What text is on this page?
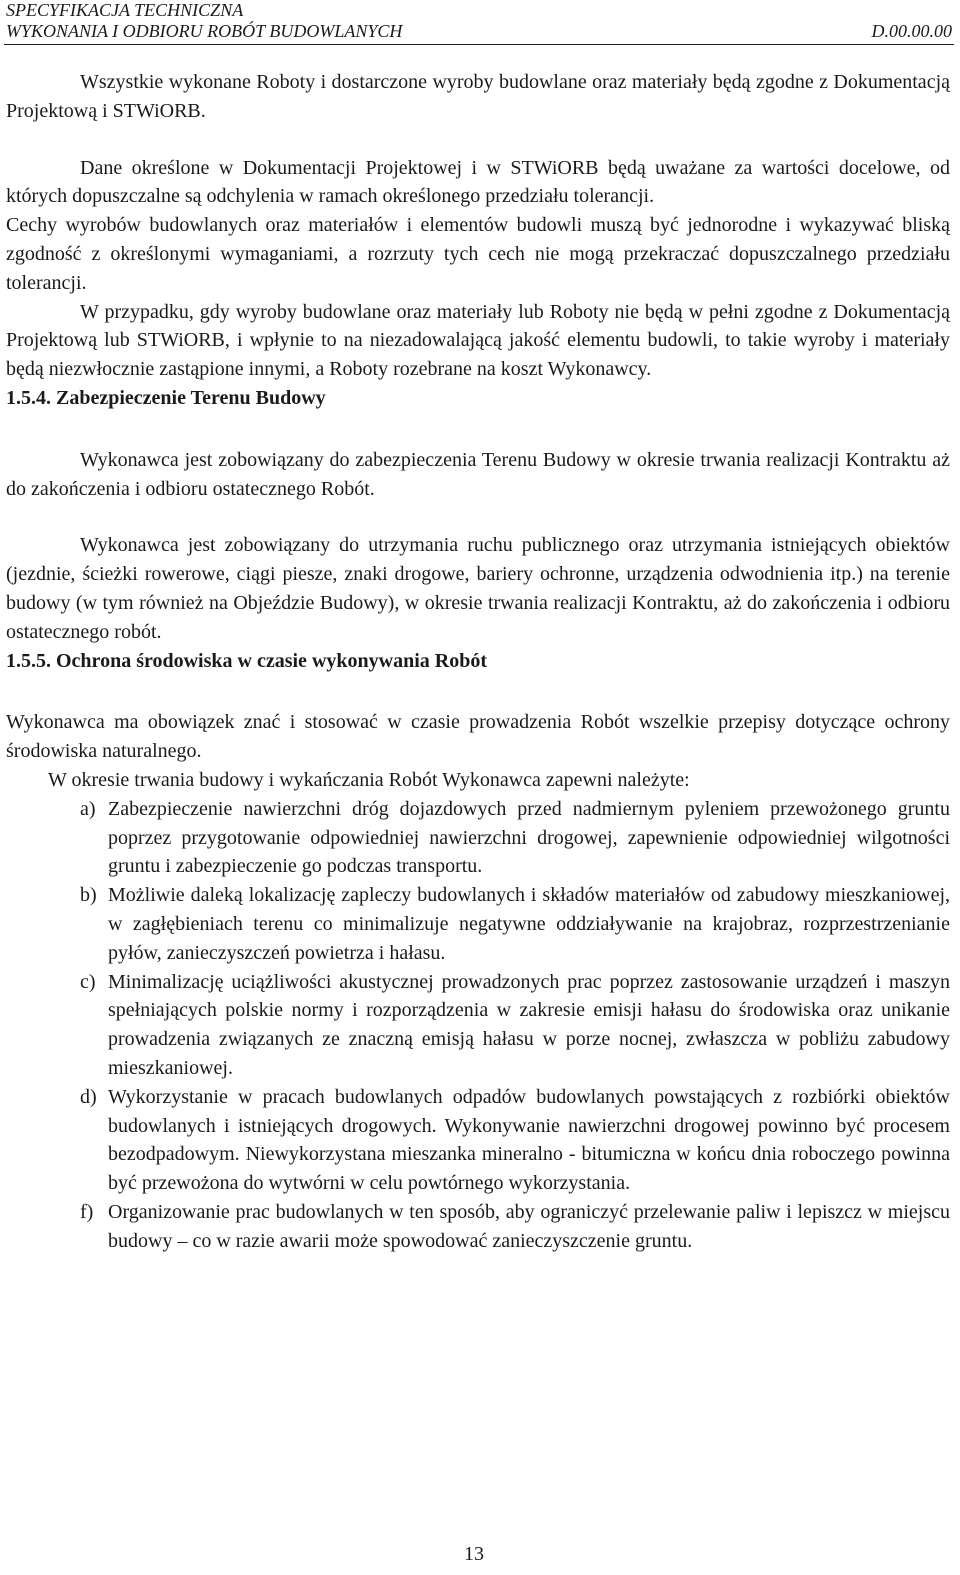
SPECYFIKACJA TECHNICZNA
WYKONANIA I ODBIORU ROBÓT BUDOWLANYCH	D.00.00.00

Wszystkie wykonane Roboty i dostarczone wyroby budowlane oraz materiały będą zgodne z Dokumentacją Projektową i STWiORB.

Dane określone w Dokumentacji Projektowej i w STWiORB będą uważane za wartości docelowe, od których dopuszczalne są odchylenia w ramach określonego przedziału tolerancji.

Cechy wyrobów budowlanych oraz materiałów i elementów budowli muszą być jednorodne i wykazywać bliską zgodność z określonymi wymaganiami, a rozrzuty tych cech nie mogą przekraczać dopuszczalnego przedziału tolerancji.

W przypadku, gdy wyroby budowlane oraz materiały lub Roboty nie będą w pełni zgodne z Dokumentacją Projektową lub STWiORB, i wpłynie to na niezadowalającą jakość elementu budowli, to takie wyroby i materiały będą niezwłocznie zastąpione innymi, a Roboty rozebrane na koszt Wykonawcy.

1.5.4. Zabezpieczenie Terenu Budowy

Wykonawca jest zobowiązany do zabezpieczenia Terenu Budowy w okresie trwania realizacji Kontraktu aż do zakończenia i odbioru ostatecznego Robót.

Wykonawca jest zobowiązany do utrzymania ruchu publicznego oraz utrzymania istniejących obiektów (jezdnie, ścieżki rowerowe, ciągi piesze, znaki drogowe, bariery ochronne, urządzenia odwodnienia itp.) na terenie budowy (w tym również na Objeździe Budowy), w okresie trwania realizacji Kontraktu, aż do zakończenia i odbioru ostatecznego robót.

1.5.5. Ochrona środowiska w czasie wykonywania Robót

Wykonawca ma obowiązek znać i stosować w czasie prowadzenia Robót wszelkie przepisy dotyczące ochrony środowiska naturalnego.

W okresie trwania budowy i wykańczania Robót Wykonawca zapewni należyte:

a) Zabezpieczenie nawierzchni dróg dojazdowych przed nadmiernym pyleniem przewożonego gruntu poprzez przygotowanie odpowiedniej nawierzchni drogowej, zapewnienie odpowiedniej wilgotności gruntu i zabezpieczenie go podczas transportu.
b) Możliwie daleką lokalizację zapleczy budowlanych i składów materiałów od zabudowy mieszkaniowej, w zagłębieniach terenu co minimalizuje negatywne oddziaływanie na krajobraz, rozprzestrzenianie pyłów, zanieczyszczeń powietrza i hałasu.
c) Minimalizację uciążliwości akustycznej prowadzonych prac poprzez zastosowanie urządzeń i maszyn spełniających polskie normy i rozporządzenia w zakresie emisji hałasu do środowiska oraz unikanie prowadzenia związanych ze znaczną emisją hałasu w porze nocnej, zwłaszcza w pobliżu zabudowy mieszkaniowej.
d) Wykorzystanie w pracach budowlanych odpadów budowlanych powstających z rozbiórki obiektów budowlanych i istniejących drogowych. Wykonywanie nawierzchni drogowej powinno być procesem bezodpadowym. Niewykorzystana mieszanka mineralno - bitumiczna w końcu dnia roboczego powinna być przewożona do wytwórni w celu powtórnego wykorzystania.
f) Organizowanie prac budowlanych w ten sposób, aby ograniczyć przelewanie paliw i lepiszcz w miejscu budowy – co w razie awarii może spowodować zanieczyszczenie gruntu.
13
